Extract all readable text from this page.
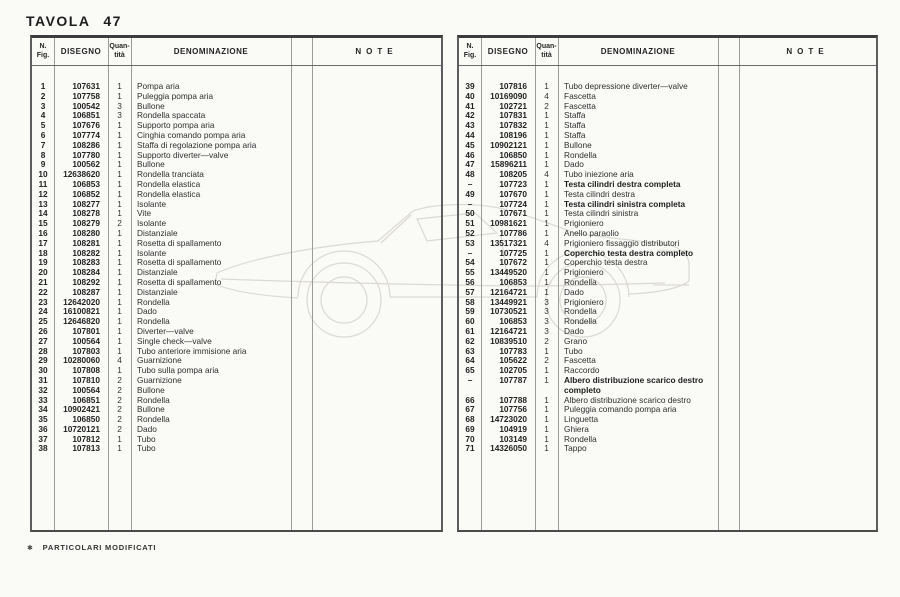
TAVOLA 47
N.
Fig.	DISEGNO	Quan-
tità	DENOMINAZIONE	NOTE
1	107631	1	Pompa aria
2	107758	1	Puleggia pompa aria
3	100542	3	Bullone
4	106851	3	Rondella spaccata
5	107676	1	Supporto pompa aria
6	107774	1	Cinghia comando pompa aria
7	108286	1	Staffa di regolazione pompa aria
8	107780	1	Supporto diverter—valve
9	100562	1	Bullone
10	12638620	1	Rondella tranciata
11	106853	1	Rondella elastica
12	106852	1	Rondella elastica
13	108277	1	Isolante
14	108278	1	Vite
15	108279	2	Isolante
16	108280	1	Distanziale
17	108281	1	Rosetta di spallamento
18	108282	1	Isolante
19	108283	1	Rosetta di spallamento
20	108284	1	Distanziale
21	108292	1	Rosetta di spallamento
22	108287	1	Distanziale
23	12642020	1	Rondella
24	16100821	1	Dado
25	12646820	1	Rondella
26	107801	1	Diverter—valve
27	100564	1	Single check—valve
28	107803	1	Tubo anteriore immisione aria
29	10280060	4	Guarnizione
30	107808	1	Tubo sulla pompa aria
31	107810	2	Guarnizione
32	100564	2	Bullone
33	106851	2	Rondella
34	10902421	2	Bullone
35	106850	2	Rondella
36	10720121	2	Dado
37	107812	1	Tubo
38	107813	1	Tubo
N.
Fig.	DISEGNO	Quan-
tità	DENOMINAZIONE	NOTE
39	107816	1	Tubo depressione diverter—valve
40	10169090	4	Fascetta
41	102721	2	Fascetta
42	107831	1	Staffa
43	107832	1	Staffa
44	108196	1	Staffa
45	10902121	1	Bullone
46	106850	1	Rondella
47	15896211	1	Dado
48	108205	4	Tubo iniezione aria
–	107723	1	Testa cilindri destra completa
49	107670	1	Testa cilindri destra
–	107724	1	Testa cilindri sinistra completa
50	107671	1	Testa cilindri sinistra
51	10981621	1	Prigioniero
52	107786	1	Anello paraolio
53	13517321	4	Prigioniero fissaggio distributori
–	107725	1	Coperchio testa destra completo
54	107672	1	Coperchio testa destra
55	13449520	1	Prigioniero
56	106853	1	Rondella
57	12164721	1	Dado
58	13449921	3	Prigioniero
59	10730521	3	Rondella
60	106853	3	Rondella
61	12164721	3	Dado
62	10839510	2	Grano
63	107783	1	Tubo
64	105622	2	Fascetta
65	102705	1	Raccordo
–	107787	1	Albero distribuzione scarico destro completo
66	107788	1	Albero distribuzione scarico destro
67	107756	1	Puleggia comando pompa aria
68	14723020	1	Linguetta
69	104919	1	Ghiera
70	103149	1	Rondella
71	14326050	1	Tappo
✱ PARTICOLARI MODIFICATI
